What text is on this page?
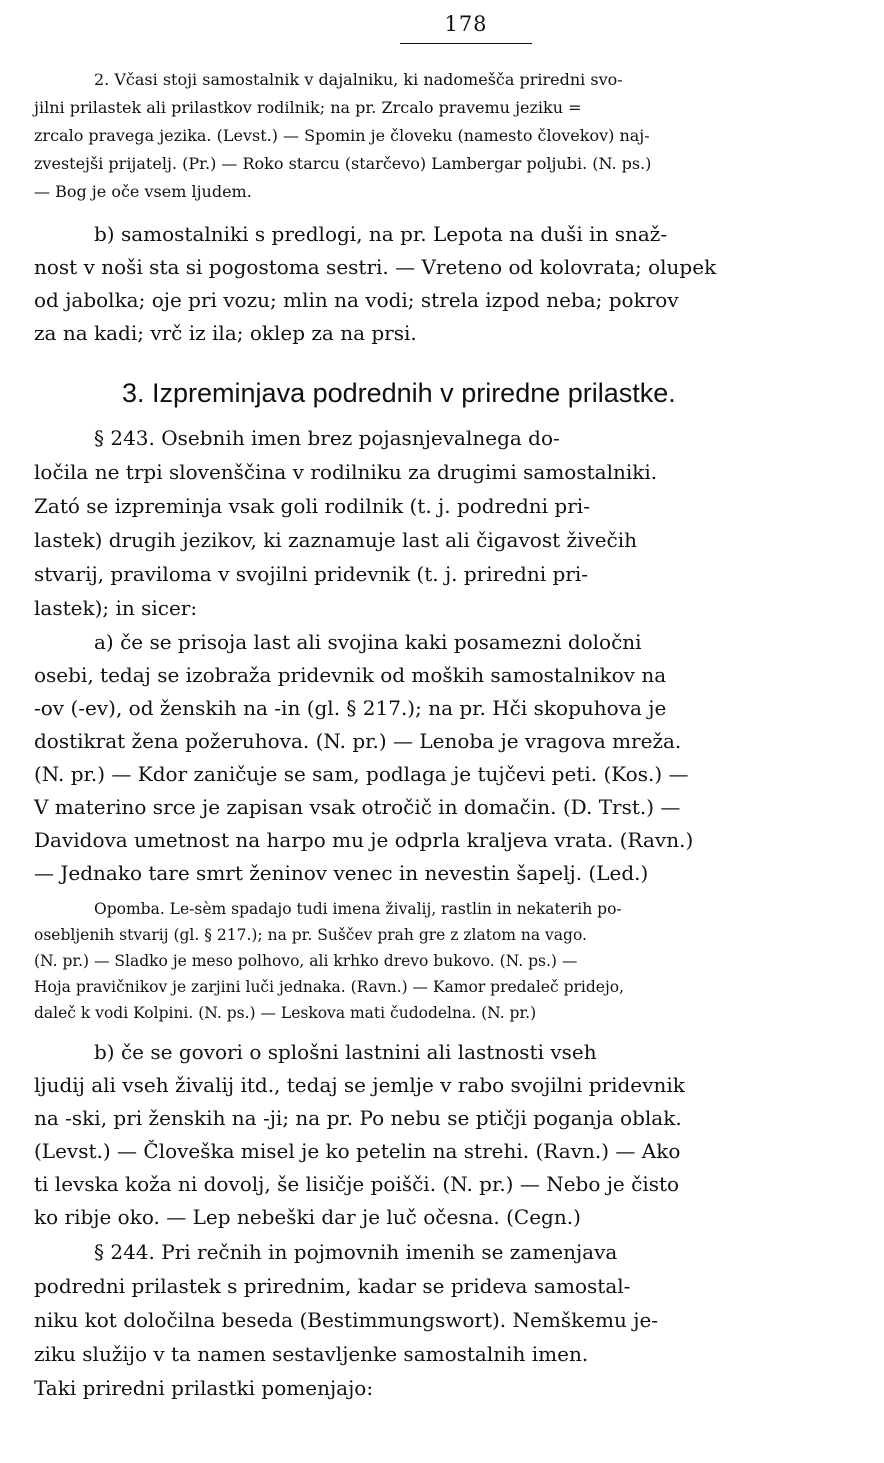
178
2. Včasi stoji samostalnik v dajalniku, ki nadomešča priredni svo-
jilni prilastek ali prilastkov rodilnik; na pr. Zrcalo pravemu jeziku =
zrcalo pravega jezika. (Levst.) — Spomin je človeku (namesto človekov) naj-
zvestejši prijatelj. (Pr.) — Roko starcu (starčevo) Lambergar poljubi. (N. ps.)
— Bog je oče vsem ljudem.
b) samostalniki s predlogi, na pr. Lepota na duši in snaž-
nost v noši sta si pogostoma sestri. — Vreteno od kolovrata; olupek
od jabolka; oje pri vozu; mlin na vodi; strela izpod neba; pokrov
za na kadi; vrč iz ila; oklep za na prsi.
3. Izpreminjava podrednih v priredne prilastke.
§ 243. Osebnih imen brez pojasnjevalnega do-
ločila ne trpi slovenščina v rodilniku za drugimi samostalniki.
Zató se izpreminja vsak goli rodilnik (t. j. podredni pri-
lastek) drugih jezikov, ki zaznamuje last ali čigavost živečih
stvarij, praviloma v svojilni pridevnik (t. j. priredni pri-
lastek); in sicer:
a) če se prisoja last ali svojina kaki posamezni določni
osebi, tedaj se izobraža pridevnik od moških samostalnikov na
-ov (-ev), od ženskih na -in (gl. § 217.); na pr. Hči skopuhova je
dostikrat žena požeruhova. (N. pr.) — Lenoba je vragova mreža.
(N. pr.) — Kdor zaničuje se sam, podlaga je tujčevi peti. (Kos.) —
V materino srce je zapisan vsak otročič in domačin. (D. Trst.) —
Davidova umetnost na harpo mu je odprla kraljeva vrata. (Ravn.)
— Jednako tare smrt ženinov venec in nevestin šapelj. (Led.)
Opomba. Le-sèm spadajo tudi imena živalij, rastlin in nekaterih po-
osebljenih stvarij (gl. § 217.); na pr. Suščev prah gre z zlatom na vago.
(N. pr.) — Sladko je meso polhovo, ali krhko drevo bukovo. (N. ps.) —
Hoja pravičnikov je zarjini luči jednaka. (Ravn.) — Kamor predaleč pridejo,
daleč k vodi Kolpini. (N. ps.) — Leskova mati čudodelna. (N. pr.)
b) če se govori o splošni lastnini ali lastnosti vseh
ljudij ali vseh živalij itd., tedaj se jemlje v rabo svojilni pridevnik
na -ski, pri ženskih na -ji; na pr. Po nebu se ptičji poganja oblak.
(Levst.) — Človeška misel je ko petelin na strehi. (Ravn.) — Ako
ti levska koža ni dovolj, še lisičje poišči. (N. pr.) — Nebo je čisto
ko ribje oko. — Lep nebeški dar je luč očesna. (Cegn.)
§ 244. Pri rečnih in pojmovnih imenih se zamenjava
podredni prilastek s prirednim, kadar se prideva samostal-
niku kot določilna beseda (Bestimmungswort). Nemškemu je-
ziku služijo v ta namen sestavljenke samostalnih imen.
Taki priredni prilastki pomenjajo:
